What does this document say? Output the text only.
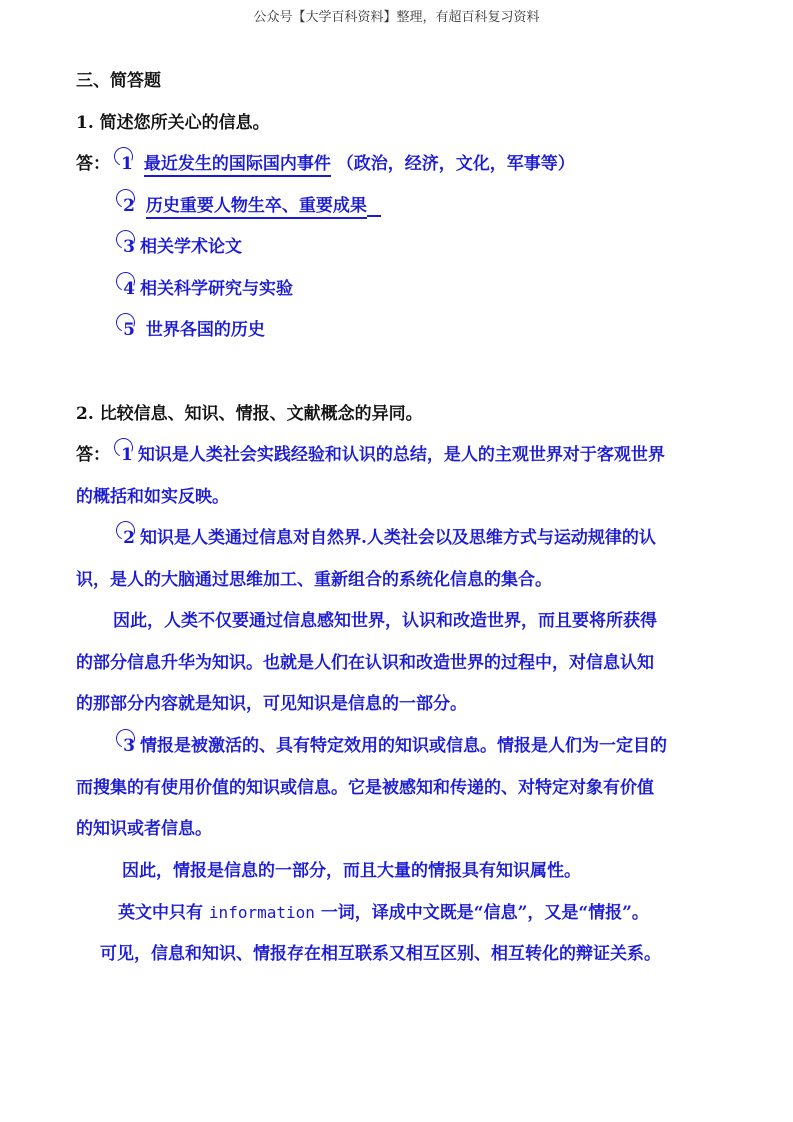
公众号【大学百科资料】整理，有超百科复习资料
三、简答题
1. 简述您所关心的信息。
答： 1 最近发生的国际国内事件 （政治，经济，文化，军事等）
2 历史重要人物生卒、重要成果
3 相关学术论文
4 相关科学研究与实验
5 世界各国的历史
2. 比较信息、知识、情报、文献概念的异同。
答： 1 知识是人类社会实践经验和认识的总结，是人的主观世界对于客观世界
的概括和如实反映。
2 知识是人类通过信息对自然界.人类社会以及思维方式与运动规律的认
识，是人的大脑通过思维加工、重新组合的系统化信息的集合。
因此，人类不仅要通过信息感知世界，认识和改造世界，而且要将所获得
的部分信息升华为知识。也就是人们在认识和改造世界的过程中，对信息认知
的那部分内容就是知识，可见知识是信息的一部分。
3 情报是被激活的、具有特定效用的知识或信息。情报是人们为一定目的
而搜集的有使用价值的知识或信息。它是被感知和传递的、对特定对象有价值
的知识或者信息。
因此，情报是信息的一部分，而且大量的情报具有知识属性。
英文中只有 information 一词，译成中文既是“信息”，又是“情报”。
可见，信息和知识、情报存在相互联系又相互区别、相互转化的辩证关系。
